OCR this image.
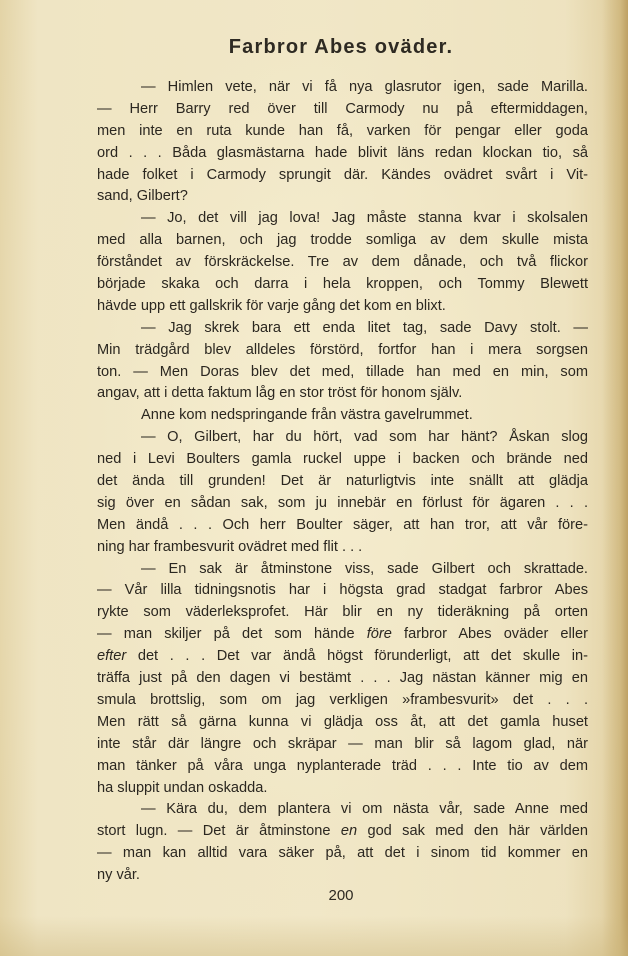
Farbror Abes oväder.
— Himlen vete, när vi få nya glasrutor igen, sade Marilla.
— Herr Barry red över till Carmody nu på eftermiddagen,
men inte en ruta kunde han få, varken för pengar eller goda
ord . . . Båda glasmästarna hade blivit läns redan klockan tio, så
hade folket i Carmody sprungit där. Kändes ovädret svårt i Vit-
sand, Gilbert?
— Jo, det vill jag lova! Jag måste stanna kvar i skolsalen
med alla barnen, och jag trodde somliga av dem skulle mista
förståndet av förskräckelse. Tre av dem dånade, och två flickor
började skaka och darra i hela kroppen, och Tommy Blewett
hävde upp ett gallskrik för varje gång det kom en blixt.
— Jag skrek bara ett enda litet tag, sade Davy stolt. —
Min trädgård blev alldeles förstörd, fortfor han i mera sorgsen
ton. — Men Doras blev det med, tillade han med en min, som
angav, att i detta faktum låg en stor tröst för honom själv.
Anne kom nedspringande från västra gavelrummet.
— O, Gilbert, har du hört, vad som har hänt? Åskan slog
ned i Levi Boulters gamla ruckel uppe i backen och brände ned
det ända till grunden! Det är naturligtvis inte snällt att glädja
sig över en sådan sak, som ju innebär en förlust för ägaren . . .
Men ändå . . . Och herr Boulter säger, att han tror, att vår före-
ning har frambesvurit ovädret med flit . . .
— En sak är åtminstone viss, sade Gilbert och skrattade.
— Vår lilla tidningsnotis har i högsta grad stadgat farbror Abes
rykte som väderleksprofet. Här blir en ny tideräkning på orten
— man skiljer på det som hände före farbror Abes oväder eller
efter det . . . Det var ändå högst förunderligt, att det skulle in-
träffa just på den dagen vi bestämt . . . Jag nästan känner mig en
smula brottslig, som om jag verkligen »frambesvurit» det . . .
Men rätt så gärna kunna vi glädja oss åt, att det gamla huset
inte står där längre och skräpar — man blir så lagom glad, när
man tänker på våra unga nyplanterade träd . . . Inte tio av dem
ha sluppit undan oskadda.
— Kära du, dem plantera vi om nästa vår, sade Anne med
stort lugn. — Det är åtminstone en god sak med den här världen
— man kan alltid vara säker på, att det i sinom tid kommer en
ny vår.
200
